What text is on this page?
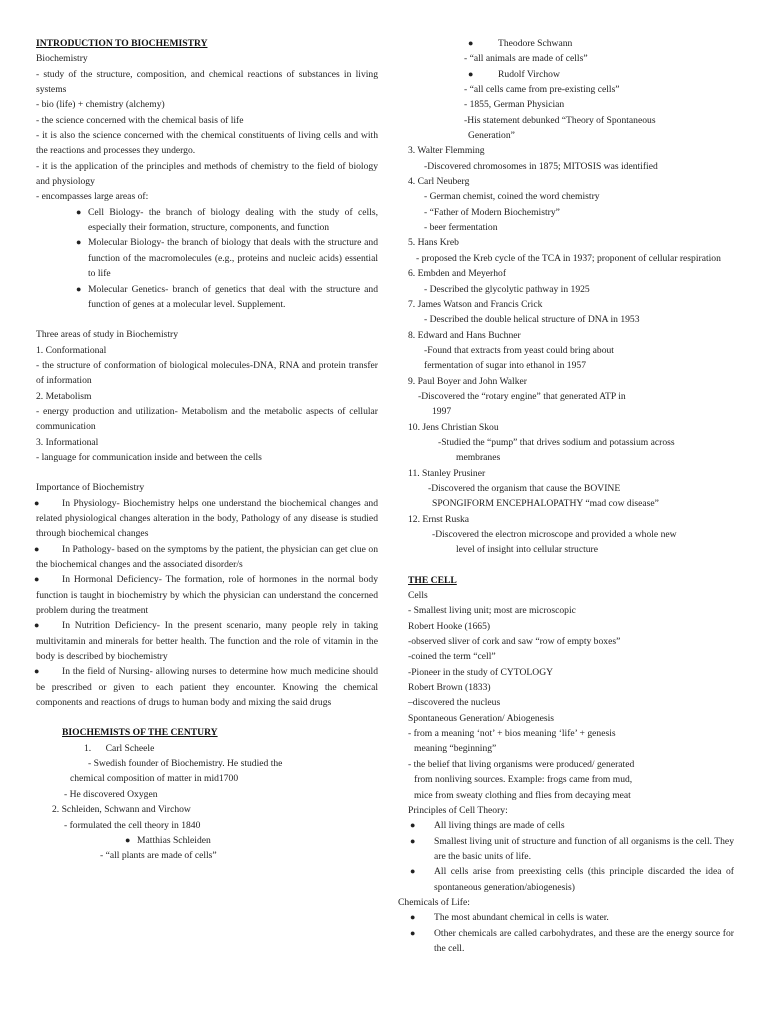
INTRODUCTION TO BIOCHEMISTRY

Biochemistry

- study of the structure, composition, and chemical reactions of substances in living systems

- bio (life) + chemistry (alchemy)

- the science concerned with the chemical basis of life

- it is also the science concerned with the chemical constituents of living cells and with the reactions and processes they undergo.

- it is the application of the principles and methods of chemistry to the field of biology and physiology

- encompasses large areas of:

● Cell Biology- the branch of biology dealing with the study of cells, especially their formation, structure, components, and function
● Molecular Biology- the branch of biology that deals with the structure and function of the macromolecules (e.g., proteins and nucleic acids) essential to life
● Molecular Genetics- branch of genetics that deal with the structure and function of genes at a molecular level. Supplement.

Three areas of study in Biochemistry

1. Conformational

- the structure of conformation of biological molecules-DNA, RNA and protein transfer of information

2. Metabolism

- energy production and utilization- Metabolism and the metabolic aspects of cellular communication

3. Informational

- language for communication inside and between the cells

Importance of Biochemistry

● In Physiology- Biochemistry helps one understand the biochemical changes and related physiological changes alteration in the body, Pathology of any disease is studied through biochemical changes
● In Pathology- based on the symptoms by the patient, the physician can get clue on the biochemical changes and the associated disorder/s
● In Hormonal Deficiency- The formation, role of hormones in the normal body function is taught in biochemistry by which the physician can understand the concerned problem during the treatment
● In Nutrition Deficiency- In the present scenario, many people rely in taking multivitamin and minerals for better health. The function and the role of vitamin in the body is described by biochemistry
● In the field of Nursing- allowing nurses to determine how much medicine should be prescribed or given to each patient they encounter. Knowing the chemical components and reactions of drugs to human body and mixing the said drugs

BIOCHEMISTS OF THE CENTURY

1.      Carl Scheele

- Swedish founder of Biochemistry. He studied the

chemical composition of matter in mid1700

- He discovered Oxygen

2. Schleiden, Schwann and Virchow

- formulated the cell theory in 1840

● Matthias Schleiden

- “all plants are made of cells”

●	Theodore Schwann

- “all animals are made of cells”

●	Rudolf Virchow

- “all cells came from pre-existing cells”

- 1855, German Physician

-His statement debunked “Theory of Spontaneous

Generation”

3. Walter Flemming

-Discovered chromosomes in 1875; MITOSIS was identified

4. Carl Neuberg

- German chemist, coined the word chemistry

- “Father of Modern Biochemistry”

- beer fermentation

5. Hans Kreb

- proposed the Kreb cycle of the TCA in 1937; proponent of cellular respiration

6. Embden and Meyerhof

- Described the glycolytic pathway in 1925

7. James Watson and Francis Crick

- Described the double helical structure of DNA in 1953

8. Edward and Hans Buchner

-Found that extracts from yeast could bring about

fermentation of sugar into ethanol in 1957

9. Paul Boyer and John Walker

-Discovered the “rotary engine” that generated ATP in

1997

10. Jens Christian Skou

-Studied the “pump” that drives sodium and potassium across

membranes

11. Stanley Prusiner

-Discovered the organism that cause the BOVINE

SPONGIFORM ENCEPHALOPATHY “mad cow disease”

12. Ernst Ruska

-Discovered the electron microscope and provided a whole new

level of insight into cellular structure

THE CELL

Cells

- Smallest living unit; most are microscopic

Robert Hooke (1665)

-observed sliver of cork and saw “row of empty boxes”

-coined the term “cell”

-Pioneer in the study of CYTOLOGY

Robert Brown (1833)

–discovered the nucleus

Spontaneous Generation/ Abiogenesis

- from a meaning ‘not’ + bios meaning ‘life’ + genesis

meaning “beginning”

- the belief that living organisms were produced/ generated

from nonliving sources. Example: frogs came from mud,

mice from sweaty clothing and flies from decaying meat

Principles of Cell Theory:

● All living things are made of cells
● Smallest living unit of structure and function of all organisms is the cell. They are the basic units of life.
● All cells arise from preexisting cells (this principle discarded the idea of spontaneous generation/abiogenesis)

Chemicals of Life:

● The most abundant chemical in cells is water.
● Other chemicals are called carbohydrates, and these are the energy source for the cell.
